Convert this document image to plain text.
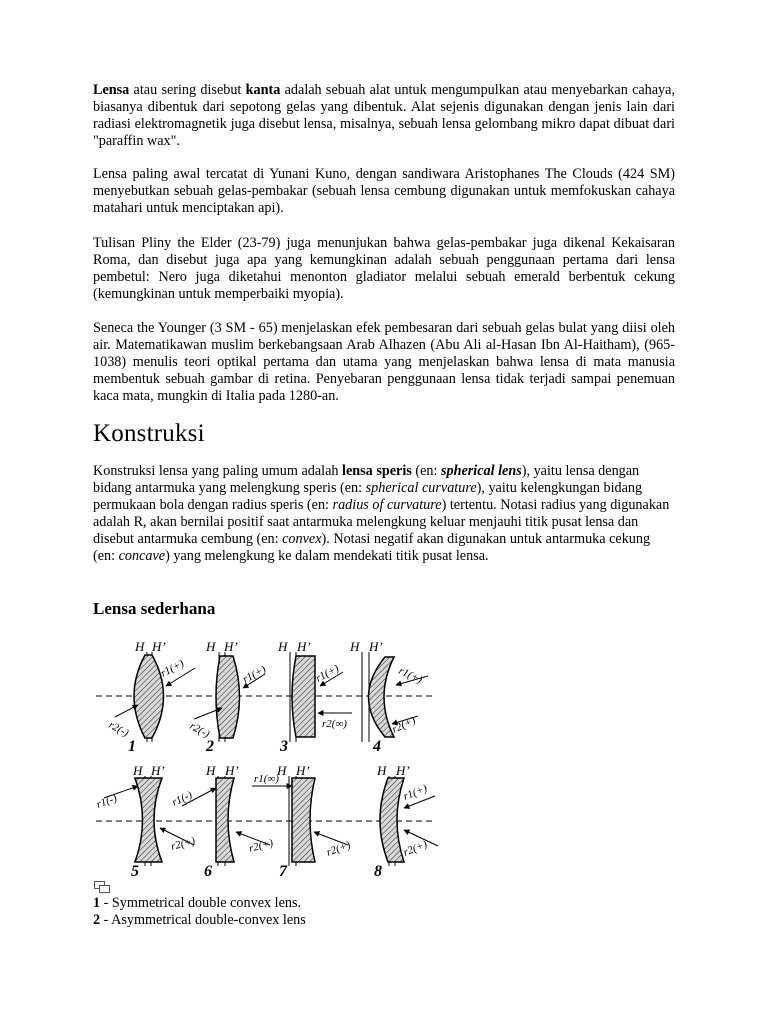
Lensa atau sering disebut kanta adalah sebuah alat untuk mengumpulkan atau menyebarkan cahaya, biasanya dibentuk dari sepotong gelas yang dibentuk. Alat sejenis digunakan dengan jenis lain dari radiasi elektromagnetik juga disebut lensa, misalnya, sebuah lensa gelombang mikro dapat dibuat dari "paraffin wax".

Lensa paling awal tercatat di Yunani Kuno, dengan sandiwara Aristophanes The Clouds (424 SM) menyebutkan sebuah gelas-pembakar (sebuah lensa cembung digunakan untuk memfokuskan cahaya matahari untuk menciptakan api).

Tulisan Pliny the Elder (23-79) juga menunjukan bahwa gelas-pembakar juga dikenal Kekaisaran Roma, dan disebut juga apa yang kemungkinan adalah sebuah penggunaan pertama dari lensa pembetul: Nero juga diketahui menonton gladiator melalui sebuah emerald berbentuk cekung (kemungkinan untuk memperbaiki myopia).

Seneca the Younger (3 SM - 65) menjelaskan efek pembesaran dari sebuah gelas bulat yang diisi oleh air. Matematikawan muslim berkebangsaan Arab Alhazen (Abu Ali al-Hasan Ibn Al-Haitham), (965-1038) menulis teori optikal pertama dan utama yang menjelaskan bahwa lensa di mata manusia membentuk sebuah gambar di retina. Penyebaran penggunaan lensa tidak terjadi sampai penemuan kaca mata, mungkin di Italia pada 1280-an.

Konstruksi

Konstruksi lensa yang paling umum adalah lensa speris (en: spherical lens), yaitu lensa dengan bidang antarmuka yang melengkung speris (en: spherical curvature), yaitu kelengkungan bidang permukaan bola dengan radius speris (en: radius of curvature) tertentu. Notasi radius yang digunakan adalah R, akan bernilai positif saat antarmuka melengkung keluar menjauhi titik pusat lensa dan disebut antarmuka cembung (en: convex). Notasi negatif akan digunakan untuk antarmuka cekung (en: concave) yang melengkung ke dalam mendekati titik pusat lensa.

Lensa sederhana
H H’	H H’	H H’	H H’
H H’	H H’	H H’	H H’
r1(+)
r2(-)
r1(+)
r2(-)
r1(+)
r2(∞)
r1(+)
r2(+)
r1(-)	r1(-)
r1(∞)
r1(+)
r2(+)	r2(+)	r2(+)	r2(+)
1	2	3	4
5	6	7	8

1 - Symmetrical double convex lens.

2 - Asymmetrical double-convex lens
